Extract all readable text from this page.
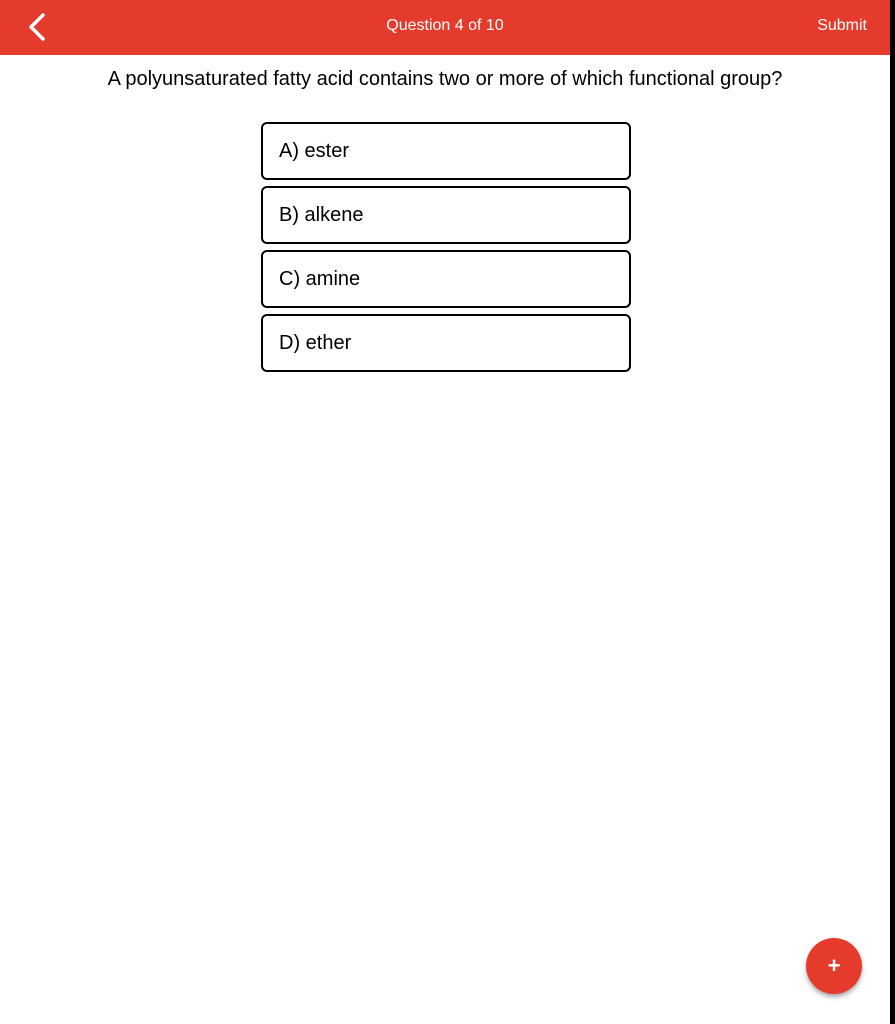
Question 4 of 10	Submit
A polyunsaturated fatty acid contains two or more of which functional group?
A) ester
B) alkene
C) amine
D) ether
+
